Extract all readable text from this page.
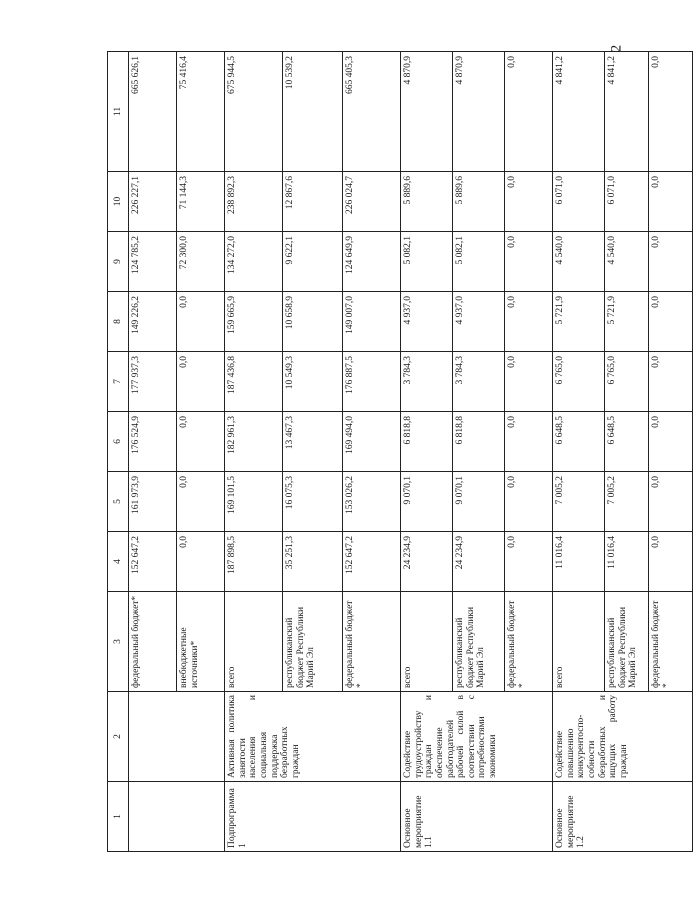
2
1	2	3	4	5	6	7	8	9	10	11
		федеральный бюджет*	152 647,2	161 973,9	176 524,9	177 937,3	149 226,2	124 785,2	226 227,1	665 626,1
		внебюджетные источники*	0,0	0,0	0,0	0,0	0,0	72 300,0	71 144,3	75 416,4
Подпрограмма 1	Активная политика занятости населения и социальная поддержка безработных граждан	всего	187 898,5	169 101,5	182 961,3	187 436,8	159 665,9	134 272,0	238 892,3	675 944,5
		республиканский бюджет Республики Марий Эл	35 251,3	16 075,3	13 467,3	10 549,3	10 658,9	9 622,1	12 867,6	10 539,2
		федеральный бюджет *	152 647,2	153 026,2	169 494,0	176 887,5	149 007,0	124 649,9	226 024,7	665 405,3
Основное мероприятие 1.1	Содействие трудоустройству граждан и обеспечение работодателей рабочей силой в соответствии с потребностями экономики	всего	24 234,9	9 070,1	6 818,8	3 784,3	4 937,0	5 082,1	5 889,6	4 870,9
		республиканский бюджет Республики Марий Эл	24 234,9	9 070,1	6 818,8	3 784,3	4 937,0	5 082,1	5 889,6	4 870,9
		федеральный бюджет *	0,0	0,0	0,0	0,0	0,0	0,0	0,0	0,0
Основное мероприятие 1.2	Содействие повышению конкурентоспо-собности безработных и ищущих работу граждан	всего	11 016,4	7 005,2	6 648,5	6 765,0	5 721,9	4 540,0	6 071,0	4 841,2
		республиканский бюджет Республики Марий Эл	11 016,4	7 005,2	6 648,5	6 765,0	5 721,9	4 540,0	6 071,0	4 841,2
		федеральный бюджет *	0,0	0,0	0,0	0,0	0,0	0,0	0,0	0,0
